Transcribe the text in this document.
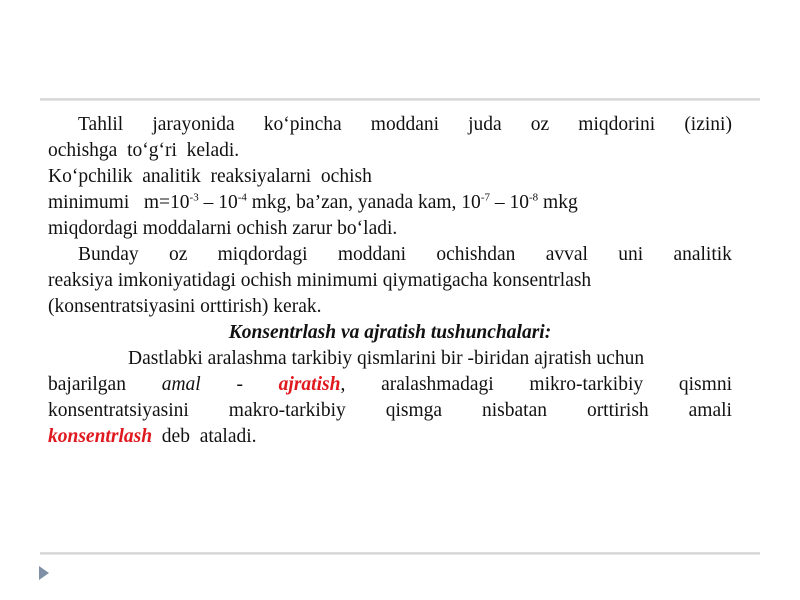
Tahlil jarayonida ko‘pincha moddani juda oz miqdorini (izini)
ochishga  to‘g‘ri  keladi.
Ko‘pchilik  analitik  reaksiyalarni  ochish
minimumi   $m=10^{-3} - 10^{-4}$ mkg, ba’zan, yanada kam, $10^{-7} - 10^{-8}$ mkg
miqdordagi moddalarni ochish zarur bo‘ladi.
Bunday oz miqdordagi moddani ochishdan avval uni analitik
reaksiya imkoniyatidagi ochish minimumi qiymatigacha konsentrlash
(konsentratsiyasini orttirish) kerak.
Konsentrlash va ajratish tushunchalari:
Dastlabki aralashma tarkibiy qismlarini bir -biridan ajratish uchun
bajarilgan amal - ajratish, aralashmadagi mikro-tarkibiy qismni
konsentratsiyasini makro-tarkibiy qismga nisbatan orttirish amali
konsentrlash  deb  ataladi.
